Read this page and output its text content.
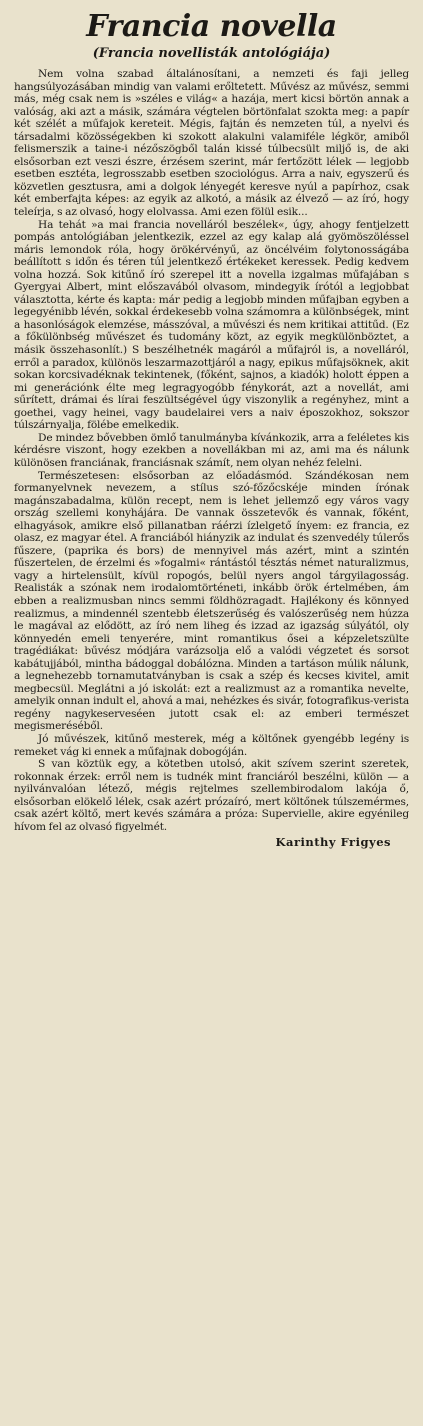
Francia novella
(Francia novellisták antológiája)

Nem volna szabad általánosítani, a nemzeti és faji jelleg hangsúlyozásában mindig van valami erőltetett. Művész az művész, semmi más, még csak nem is »széles e világ« a hazája, mert kicsi börtön annak a valóság, aki azt a másik, számára végtelen börtönfalat szokta meg: a papír két szélét a műfajok kereteit. Mégis, fajtán és nemzeten túl, a nyelvi és társadalmi közösségekben ki szokott alakulni valamiféle légkör, amiből felismerszik a taine-i nézőszögből talán kissé túlbecsült miljő is, de aki elsősorban ezt veszi észre, érzésem szerint, már fertőzött lélek — legjobb esetben esztéta, legrosszabb esetben szociológus. Arra a naiv, egyszerű és közvetlen gesztusra, ami a dolgok lényegét keresve nyúl a papírhoz, csak két emberfajta képes: az egyik az alkotó, a másik az élvező — az író, hogy teleírja, s az olvasó, hogy elolvassa. Ami ezen fölül esik...

Ha tehát »a mai francia novelláról beszélek«, úgy, ahogy fentjelzett pompás antológiában jelentkezik, ezzel az egy kalap alá gyömöszöléssel máris lemondok róla, hogy örökérvényű, az öncélvéim folytonosságába beállított s időn és téren túl jelentkező értékeket keressek. Pedig kedvem volna hozzá. Sok kitűnő író szerepel itt a novella izgalmas műfajában s Gyergyai Albert, mint előszavából olvasom, mindegyik írótól a legjobbat választotta, kérte és kapta: már pedig a legjobb minden műfajban egyben a legegyénibb lévén, sokkal érdekesebb volna számomra a különbségek, mint a hasonlóságok elemzése, másszóval, a művészi és nem kritikai attitűd. (Ez a főkülönbség művészet és tudomány közt, az egyik megkülönböztet, a másik összehasonlít.) S beszélhetnék magáról a műfajról is, a novelláról, erről a paradox, különös leszarmazottjáról a nagy, epikus műfajsöknek, akit sokan korcsivadéknak tekintenek, (főként, sajnos, a kiadók) holott éppen a mi generációnk élte meg legragyogóbb fénykorát, azt a novellát, ami sűrített, drámai és lírai feszültségével úgy viszonylik a regényhez, mint a goethei, vagy heinei, vagy baudelairei vers a naiv époszokhoz, sokszor túlszárnyalja, fölébe emelkedik.

De mindez bővebben ömlő tanulmányba kívánkozik, arra a feléletes kis kérdésre viszont, hogy ezekben a novellákban mi az, ami ma és nálunk különösen franciának, franciásnak számít, nem olyan nehéz felelni.

Természetesen: elsősorban az előadásmód. Szándékosan nem formanyelvnek nevezem, a stílus szó-főzőcskéje minden írónak magánszabadalma, külön recept, nem is lehet jellemző egy város vagy ország szellemi konyhájára. De vannak összetevők és vannak, főként, elhagyások, amikre első pillanatban ráérzi ízlelgető ínyem: ez francia, ez olasz, ez magyar étel. A franciából hiányzik az indulat és szenvedély túlerős fűszere, (paprika és bors) de mennyivel más azért, mint a szintén fűszertelen, de érzelmi és »fogalmi« rántástól tésztás német naturalizmus, vagy a hirtelensült, kívül ropogós, belül nyers angol tárgyilagosság. Realisták a szónak nem irodalomtörténeti, inkább örök értelmében, ám ebben a realizmusban nincs semmi földhözragadt. Hajlékony és könnyed realizmus, a mindennél szentebb életszerűség és valószerűség nem húzza le magával az elődött, az író nem liheg és izzad az igazság súlyától, oly könnyedén emeli tenyerére, mint romantikus ősei a képzeletszülte tragédiákat: bűvész módjára varázsolja elő a valódi végzetet és sorsot kabátujjából, mintha bádoggal dobálózna. Minden a tartáson múlik nálunk, a legnehezebb tornamutatványban is csak a szép és kecses kivitel, amit megbecsül. Meglátni a jó iskolát: ezt a realizmust az a romantika nevelte, amelyik onnan indult el, ahová a mai, nehézkes és sivár, fotografikus-verista regény nagykeserveséen jutott csak el: az emberi természet megismeréséből.

Jó művészek, kitűnő mesterek, még a költőnek gyengébb legény is remeket vág ki ennek a műfajnak dobogóján.

S van köztük egy, a kötetben utolsó, akit szívem szerint szeretek, rokonnak érzek: erről nem is tudnék mint franciáról beszélni, külön — a nyilvánvalóan létező, mégis rejtelmes szellembirodalom lakója ő, elsősorban elökelő lélek, csak azért prózaíró, mert költőnek túlszemérmes, csak azért költő, mert kevés számára a próza: Supervielle, akire egyénileg hívom fel az olvasó figyelmét.

Karinthy Frigyes
